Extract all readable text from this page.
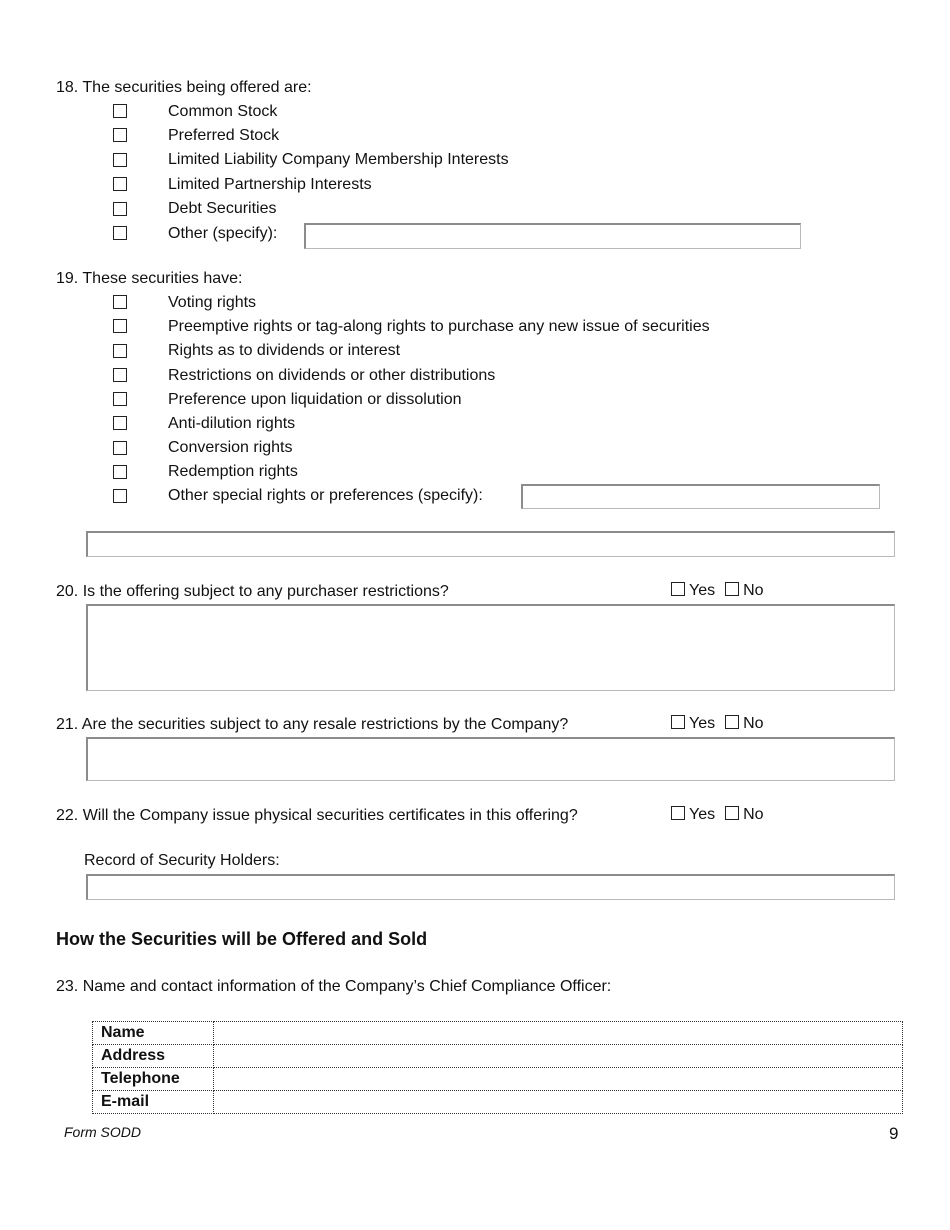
18. The securities being offered are:
Common Stock
Preferred Stock
Limited Liability Company Membership Interests
Limited Partnership Interests
Debt Securities
Other (specify):
19. These securities have:
Voting rights
Preemptive rights or tag-along rights to purchase any new issue of securities
Rights as to dividends or interest
Restrictions on dividends or other distributions
Preference upon liquidation or dissolution
Anti-dilution rights
Conversion rights
Redemption rights
Other special rights or preferences (specify):
20. Is the offering subject to any purchaser restrictions?	Yes No
21. Are the securities subject to any resale restrictions by the Company?	Yes No
22. Will the Company issue physical securities certificates in this offering?	Yes No
Record of Security Holders:
How the Securities will be Offered and Sold
23. Name and contact information of the Company’s Chief Compliance Officer:
Name	
Address	
Telephone	
E-mail	
Form SODD	9
